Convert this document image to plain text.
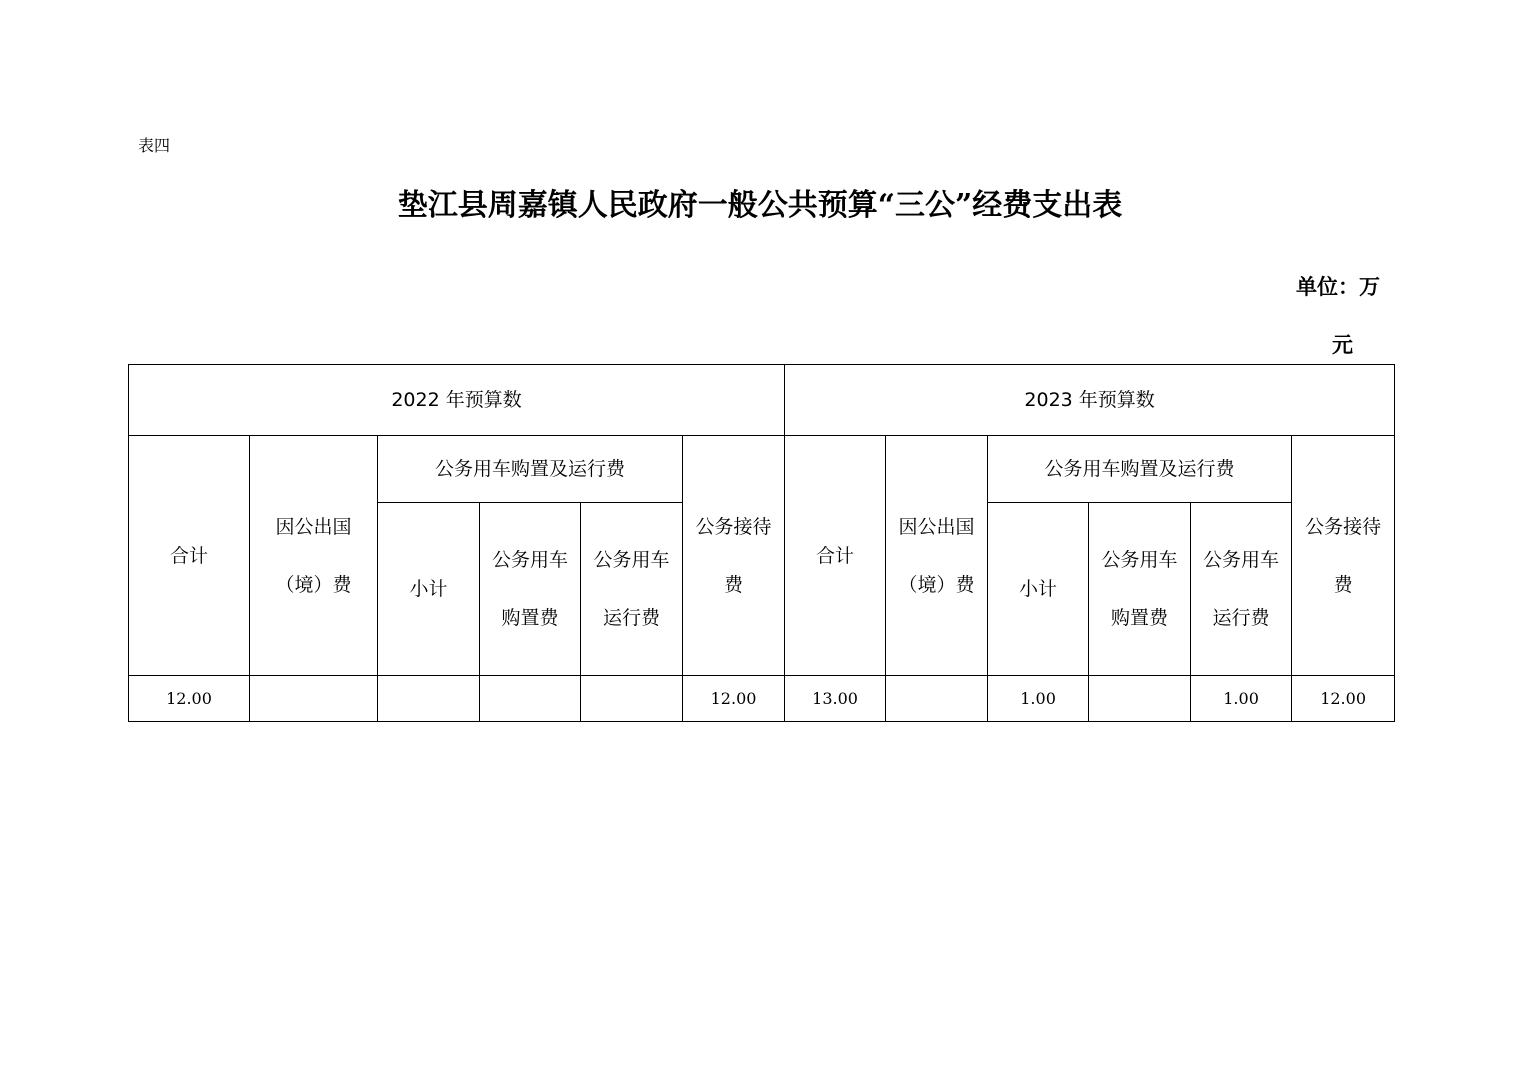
表四
垫江县周嘉镇人民政府一般公共预算“三公”经费支出表
单位：万
元
2022 年预算数						2023 年预算数					
合计	因公出国（境）费	公务用车购置及运行费			公务接待费	合计	因公出国（境）费	公务用车购置及运行费			公务接待费
		小计	公务用车购置费	公务用车运行费				小计	公务用车购置费	公务用车运行费	
12.00					12.00	13.00		1.00		1.00	12.00
